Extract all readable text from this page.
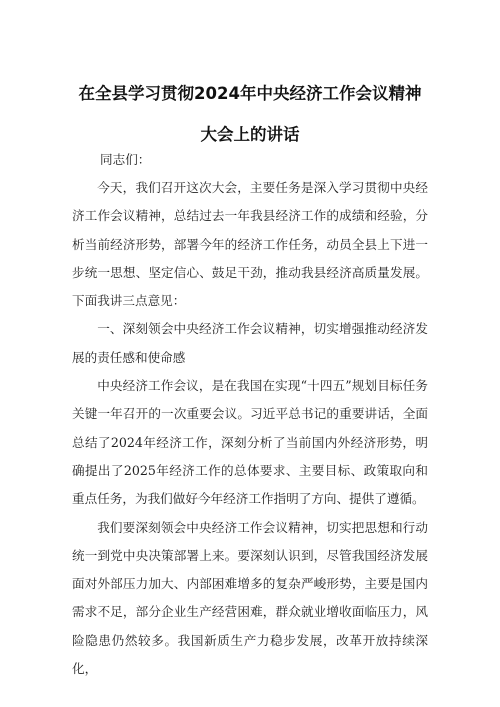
在全县学习贯彻2024年中央经济工作会议精神
大会上的讲话
同志们：

今天，我们召开这次大会，主要任务是深入学习贯彻中央经济工作会议精神，总结过去一年我县经济工作的成绩和经验，分析当前经济形势，部署今年的经济工作任务，动员全县上下进一步统一思想、坚定信心、鼓足干劲，推动我县经济高质量发展。下面我讲三点意见：

一、深刻领会中央经济工作会议精神，切实增强推动经济发展的责任感和使命感

中央经济工作会议，是在我国在实现“十四五”规划目标任务关键一年召开的一次重要会议。习近平总书记的重要讲话，全面总结了2024年经济工作，深刻分析了当前国内外经济形势，明确提出了2025年经济工作的总体要求、主要目标、政策取向和重点任务，为我们做好今年经济工作指明了方向、提供了遵循。

我们要深刻领会中央经济工作会议精神，切实把思想和行动统一到党中央决策部署上来。要深刻认识到，尽管我国经济发展面对外部压力加大、内部困难增多的复杂严峻形势，主要是国内需求不足，部分企业生产经营困难，群众就业增收面临压力，风险隐患仍然较多。我国新质生产力稳步发展，改革开放持续深化，
